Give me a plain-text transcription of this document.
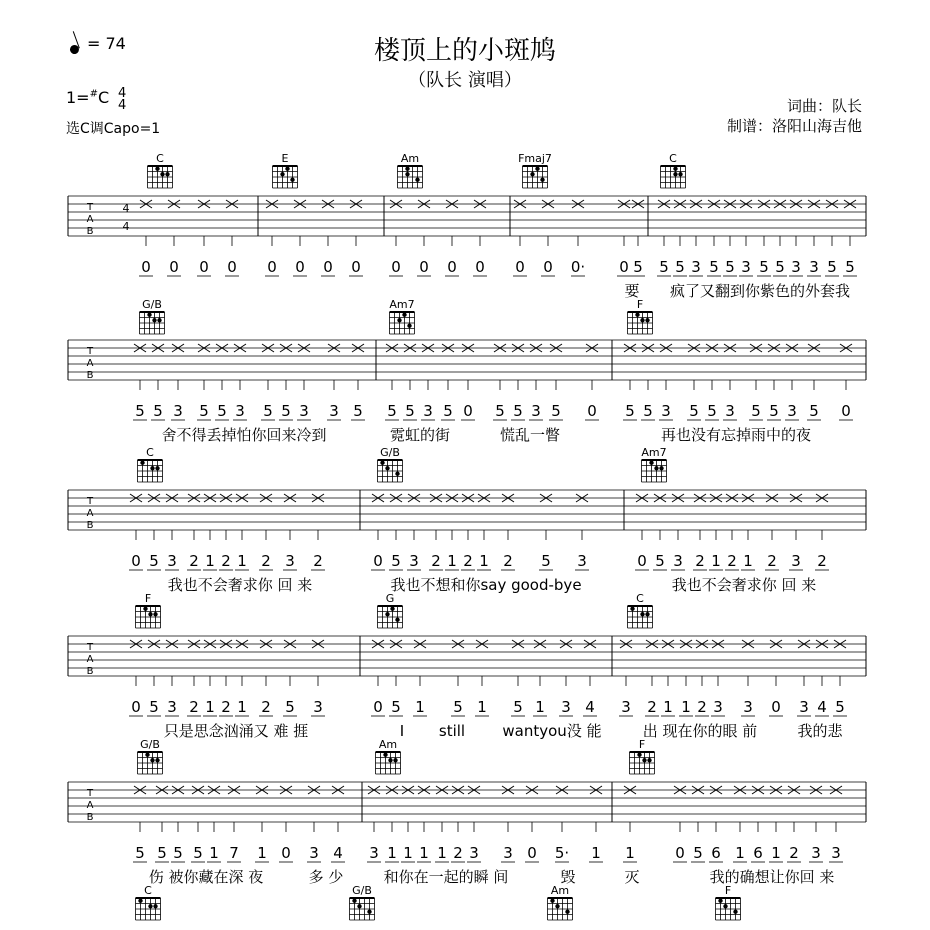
楼顶上的小斑鸠
（队长 演唱）
= 74
1=#C 4
4
选C调Capo=1
词曲：队长
制谱：洛阳山海吉他
C	E	Am	Fmaj7	C
T
A
B
4
4
0 0 0 0 0 0 0 0 0 0 0 0 0 0 0· 0 5 5 5 3 5 5 3 5 5 3 3 5 5
要 疯了又翻到你紫色的外套我
G/B	Am7	F
T
A
B
5 5 3 5 5 3 5 5 3 3 5 5 5 3 5 0 5 5 3 5 0 5 5 3 5 5 3 5 5 3 5 0
舍不得丢掉怕你回来冷到	霓虹的街	慌乱一瞥	再也没有忘掉雨中的夜
C	G/B	Am7
T
A
B
0 5 3 2 1 2 1 2 3 2	0 5 3 2 1 2 1 2 5 3	0 5 3 2 1 2 1 2 3 2
我也不会奢求你 回 来	我也不想和你say good-bye	我也不会奢求你 回 来
F	G	C
T
A
B
0 5 3 2 1 2 1 2 5 3	0 5 1 5 1 5 1 3 4 3 2 1 1 2 3 3 0 3 4 5
只是思念汹涌又 难 捱	I still wantyou没 能	出 现在你的眼 前	我的悲
G/B	Am	F
T
A
B
5 5 5 5 1 7 1 0 3 4 3 1 1 1 1 2 3 3 0 5· 1 1	0 5 6 1 6 1 2 3 3
伤 被你藏在深 夜	多 少	和你在一起的瞬 间	毁	灭	我的确想让你回 来
C	G/B	Am	F
